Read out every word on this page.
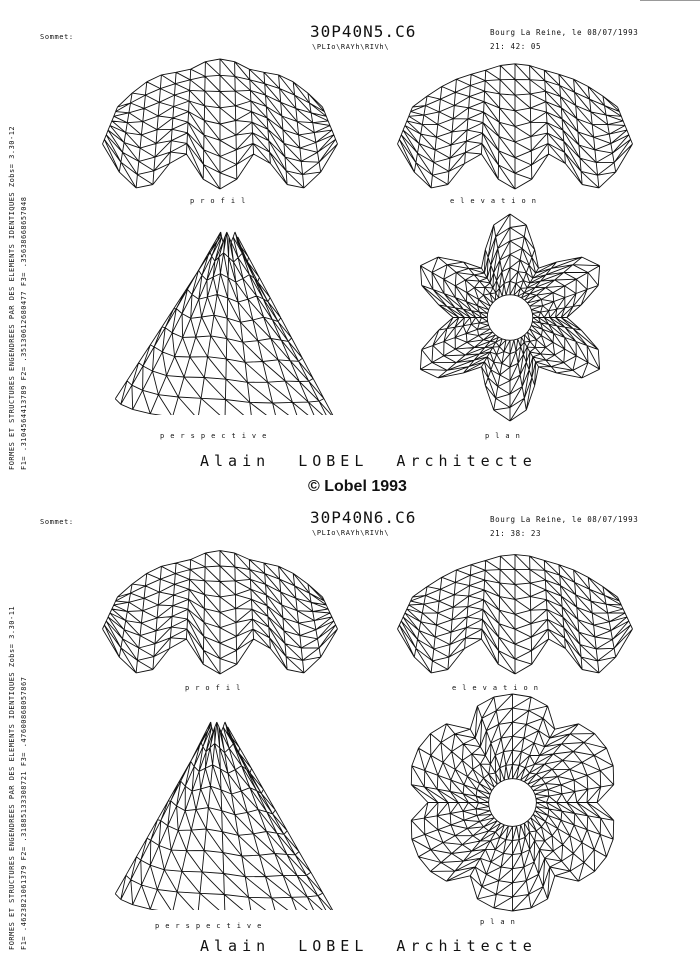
FORMES ET STRUCTURES ENGENDREES PAR DES ELEMENTS IDENTIQUES Zobs= 3.30-12 F1= .3104564413789 F2= .35130612680477 F3= .35638668657048
Sommet:	30P40N5.C6
\PLIo\RAYh\RIVh\
Bourg La Reine, le 08/07/1993
21: 42: 05
profil	elevation
perspective	plan
Alain  LOBEL  Architecte
© Lobel 1993
FORMES ET STRUCTURES ENGENDREES PAR DES ELEMENTS IDENTIQUES Zobs= 3.30-11 F1= .4623821061379 F2= .31885133308721 F3= .47600868057867
Sommet:	30P40N6.C6
\PLIo\RAYh\RIVh\
Bourg La Reine, le 08/07/1993
21: 38: 23
profil	elevation
perspective	plan
Alain  LOBEL  Architecte
